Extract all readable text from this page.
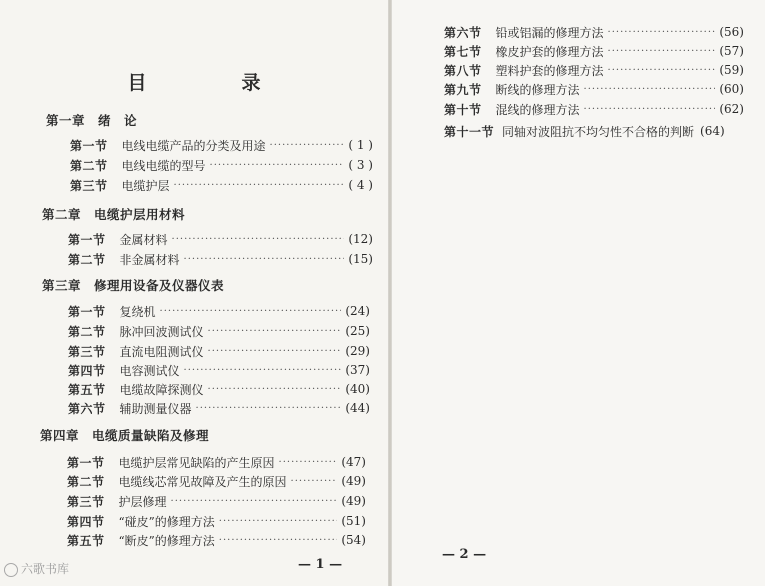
目　录
第一章　绪　论
第一节 电线电缆产品的分类及用途 ·····	( 1 )
第二节 电线电缆的型号 ·····	( 3 )
第三节 电缆护层 ·····	( 4 )
第二章　电缆护层用材料
第一节 金属材料 ·····	(12)
第二节 非金属材料 ·····	(15)
第三章　修理用设备及仪器仪表
第一节 复绕机 ·····	(24)
第二节 脉冲回波测试仪 ·····	(25)
第三节 直流电阻测试仪 ·····	(29)
第四节 电容测试仪 ·····	(37)
第五节 电缆故障探测仪 ·····	(40)
第六节 辅助测量仪器 ·····	(44)
第四章　电缆质量缺陷及修理
第一节 电缆护层常见缺陷的产生原因 ·····	(47)
第二节 电缆线芯常见故障及产生的原因 ·····	(49)
第三节 护层修理 ·····	(49)
第四节 “碰皮”的修理方法 ·····	(51)
第五节 “断皮”的修理方法 ·····	(54)
— 1 —
六歌书库
第六节 铅或铝漏的修理方法 ·····	(56)
第七节 橡皮护套的修理方法 ·····	(57)
第八节 塑料护套的修理方法 ·····	(59)
第九节 断线的修理方法 ·····	(60)
第十节 混线的修理方法 ·····	(62)
第十一节 同轴对波阻抗不均匀性不合格的判断 (64)
— 2 —
